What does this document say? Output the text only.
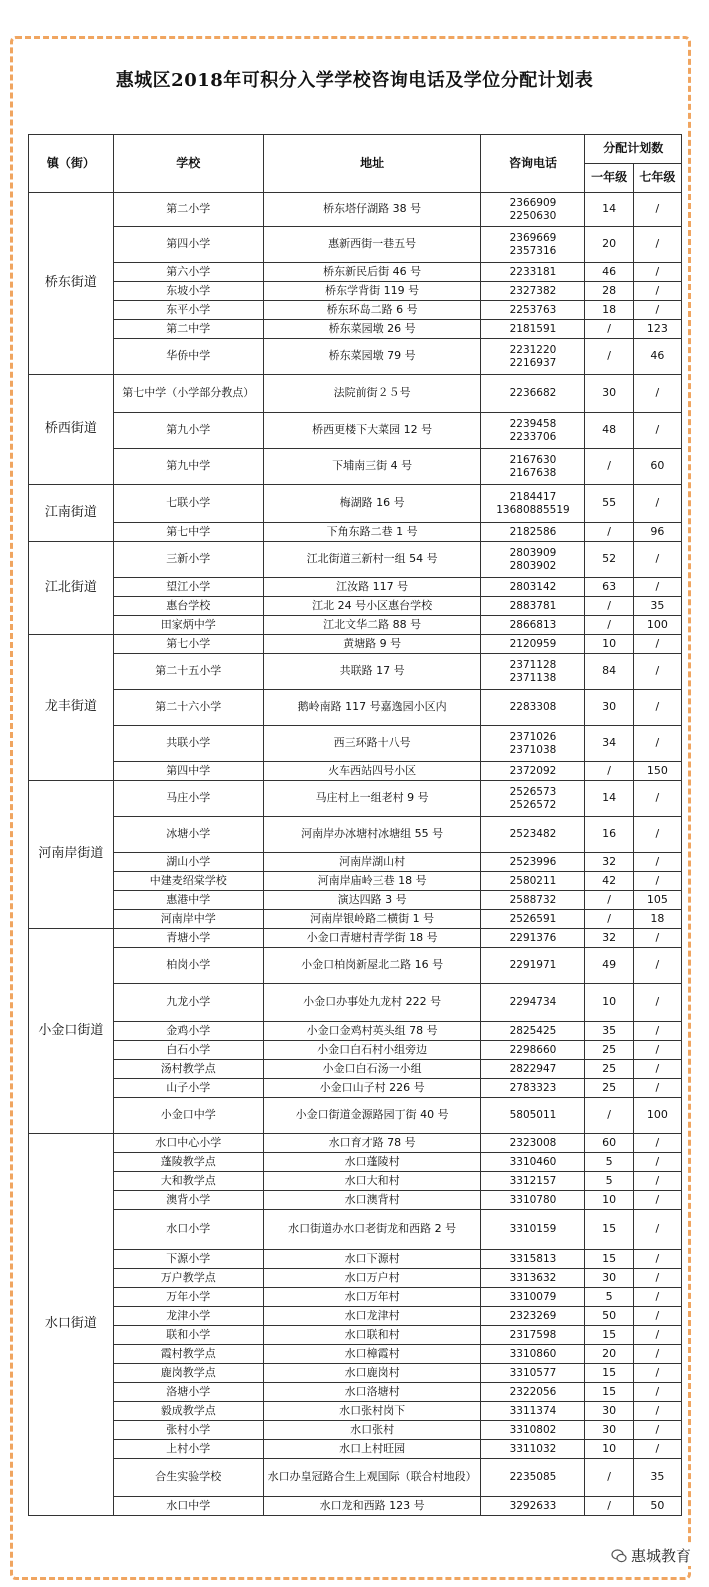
惠城区2018年可积分入学学校咨询电话及学位分配计划表
镇（街）	学校	地址	咨询电话	分配计划数	
				一年级	七年级
桥东街道	第二小学	桥东塔仔湖路 38 号	2366909
2250630	14	/
	第四小学	惠新西街一巷五号	2369669
2357316	20	/
	第六小学	桥东新民后街 46 号	2233181	46	/
	东坡小学	桥东学背街 119 号	2327382	28	/
	东平小学	桥东环岛二路 6 号	2253763	18	/
	第二中学	桥东菜园墩 26 号	2181591	/	123
	华侨中学	桥东菜园墩 79 号	2231220
2216937	/	46
桥西街道	第七中学（小学部分教点）	法院前街２５号	2236682	30	/
	第九小学	桥西更楼下大菜园 12 号	2239458
2233706	48	/
	第九中学	下埔南三街 4 号	2167630
2167638	/	60
江南街道	七联小学	梅湖路 16 号	2184417
13680885519	55	/
	第七中学	下角东路二巷 1 号	2182586	/	96
江北街道	三新小学	江北街道三新村一组 54 号	2803909
2803902	52	/
	望江小学	江汝路 117 号	2803142	63	/
	惠台学校	江北 24 号小区惠台学校	2883781	/	35
	田家炳中学	江北文华二路 88 号	2866813	/	100
龙丰街道	第七小学	黄塘路 9 号	2120959	10	/
	第二十五小学	共联路 17 号	2371128
2371138	84	/
	第二十六小学	鹅岭南路 117 号嘉逸园小区内	2283308	30	/
	共联小学	西三环路十八号	2371026
2371038	34	/
	第四中学	火车西站四号小区	2372092	/	150
河南岸街道	马庄小学	马庄村上一组老村 9 号	2526573
2526572	14	/
	冰塘小学	河南岸办冰塘村冰塘组 55 号	2523482	16	/
	湖山小学	河南岸湖山村	2523996	32	/
	中建麦绍棠学校	河南岸庙岭三巷 18 号	2580211	42	/
	惠港中学	演达四路 3 号	2588732	/	105
	河南岸中学	河南岸银岭路二横街 1 号	2526591	/	18
小金口街道	青塘小学	小金口青塘村青学街 18 号	2291376	32	/
	柏岗小学	小金口柏岗新屋北二路 16 号	2291971	49	/
	九龙小学	小金口办事处九龙村 222 号	2294734	10	/
	金鸡小学	小金口金鸡村英头组 78 号	2825425	35	/
	白石小学	小金口白石村小组旁边	2298660	25	/
	汤村教学点	小金口白石汤一小组	2822947	25	/
	山子小学	小金口山子村 226 号	2783323	25	/
	小金口中学	小金口街道金源路园丁街 40 号	5805011	/	100
水口街道	水口中心小学	水口育才路 78 号	2323008	60	/
	蓬陵教学点	水口蓬陵村	3310460	5	/
	大和教学点	水口大和村	3312157	5	/
	澳背小学	水口澳背村	3310780	10	/
	水口小学	水口街道办水口老街龙和西路 2 号	3310159	15	/
	下源小学	水口下源村	3315813	15	/
	万户教学点	水口万户村	3313632	30	/
	万年小学	水口万年村	3310079	5	/
	龙津小学	水口龙津村	2323269	50	/
	联和小学	水口联和村	2317598	15	/
	霞村教学点	水口樟霞村	3310860	20	/
	鹿岗教学点	水口鹿岗村	3310577	15	/
	洛塘小学	水口洛塘村	2322056	15	/
	毅成教学点	水口张村岗下	3311374	30	/
	张村小学	水口张村	3310802	30	/
	上村小学	水口上村旺园	3311032	10	/
	合生实验学校	水口办皇冠路合生上观国际（联合村地段）	2235085	/	35
	水口中学	水口龙和西路 123 号	3292633	/	50
惠城教育
